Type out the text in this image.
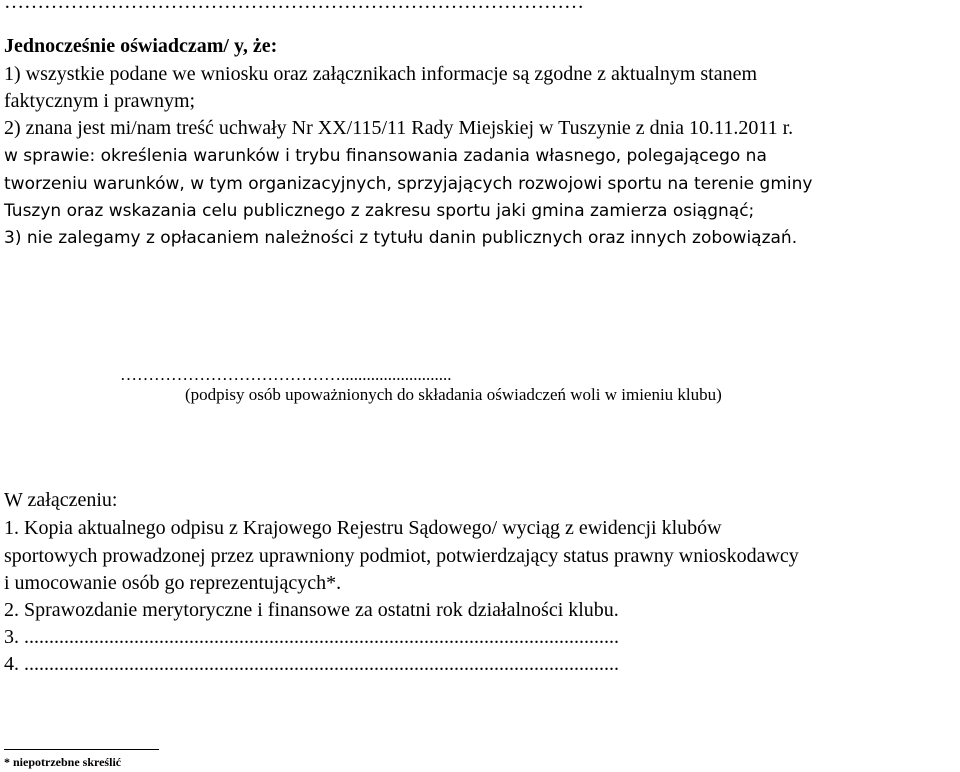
……………………………………………………………………………
Jednocześnie oświadczam/ y, że:
1) wszystkie podane we wniosku oraz załącznikach informacje są zgodne z aktualnym stanem
faktycznym i prawnym;
2) znana jest mi/nam treść uchwały Nr XX/115/11 Rady Miejskiej w Tuszynie z dnia 10.11.2011 r.
w sprawie: określenia warunków i trybu finansowania zadania własnego, polegającego na
tworzeniu warunków, w tym organizacyjnych, sprzyjających rozwojowi sportu na terenie gminy
Tuszyn oraz wskazania celu publicznego z zakresu sportu jaki gmina zamierza osiągnąć;
3) nie zalegamy z opłacaniem należności z tytułu danin publicznych oraz innych zobowiązań.
…………………………………..........................
(podpisy osób upoważnionych do składania oświadczeń woli w imieniu klubu)
W załączeniu:
1. Kopia aktualnego odpisu z Krajowego Rejestru Sądowego/ wyciąg z ewidencji klubów
sportowych prowadzonej przez uprawniony podmiot, potwierdzający status prawny wnioskodawcy
i umocowanie osób go reprezentujących*.
2. Sprawozdanie merytoryczne i finansowe za ostatni rok działalności klubu.
3. .......................................................................................................................
4. .......................................................................................................................
* niepotrzebne skreślić
